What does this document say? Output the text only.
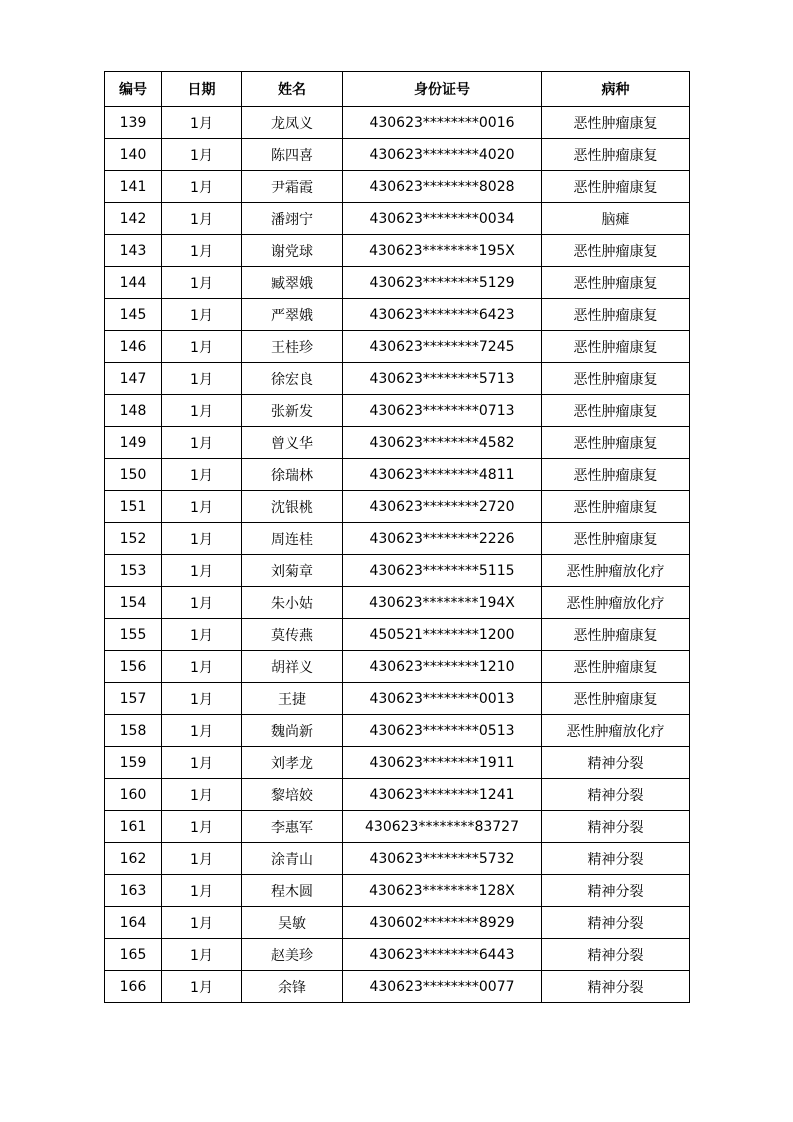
编号	日期	姓名	身份证号	病种
139	1月	龙凤义	430623********0016	恶性肿瘤康复
140	1月	陈四喜	430623********4020	恶性肿瘤康复
141	1月	尹霜霞	430623********8028	恶性肿瘤康复
142	1月	潘翊宁	430623********0034	脑瘫
143	1月	谢党球	430623********195X	恶性肿瘤康复
144	1月	臧翠娥	430623********5129	恶性肿瘤康复
145	1月	严翠娥	430623********6423	恶性肿瘤康复
146	1月	王桂珍	430623********7245	恶性肿瘤康复
147	1月	徐宏良	430623********5713	恶性肿瘤康复
148	1月	张新发	430623********0713	恶性肿瘤康复
149	1月	曾义华	430623********4582	恶性肿瘤康复
150	1月	徐瑞林	430623********4811	恶性肿瘤康复
151	1月	沈银桃	430623********2720	恶性肿瘤康复
152	1月	周连桂	430623********2226	恶性肿瘤康复
153	1月	刘菊章	430623********5115	恶性肿瘤放化疗
154	1月	朱小姑	430623********194X	恶性肿瘤放化疗
155	1月	莫传燕	450521********1200	恶性肿瘤康复
156	1月	胡祥义	430623********1210	恶性肿瘤康复
157	1月	王捷	430623********0013	恶性肿瘤康复
158	1月	魏尚新	430623********0513	恶性肿瘤放化疗
159	1月	刘孝龙	430623********1911	精神分裂
160	1月	黎培姣	430623********1241	精神分裂
161	1月	李惠军	430623********83727	精神分裂
162	1月	涂青山	430623********5732	精神分裂
163	1月	程木圆	430623********128X	精神分裂
164	1月	吴敏	430602********8929	精神分裂
165	1月	赵美珍	430623********6443	精神分裂
166	1月	余锋	430623********0077	精神分裂
